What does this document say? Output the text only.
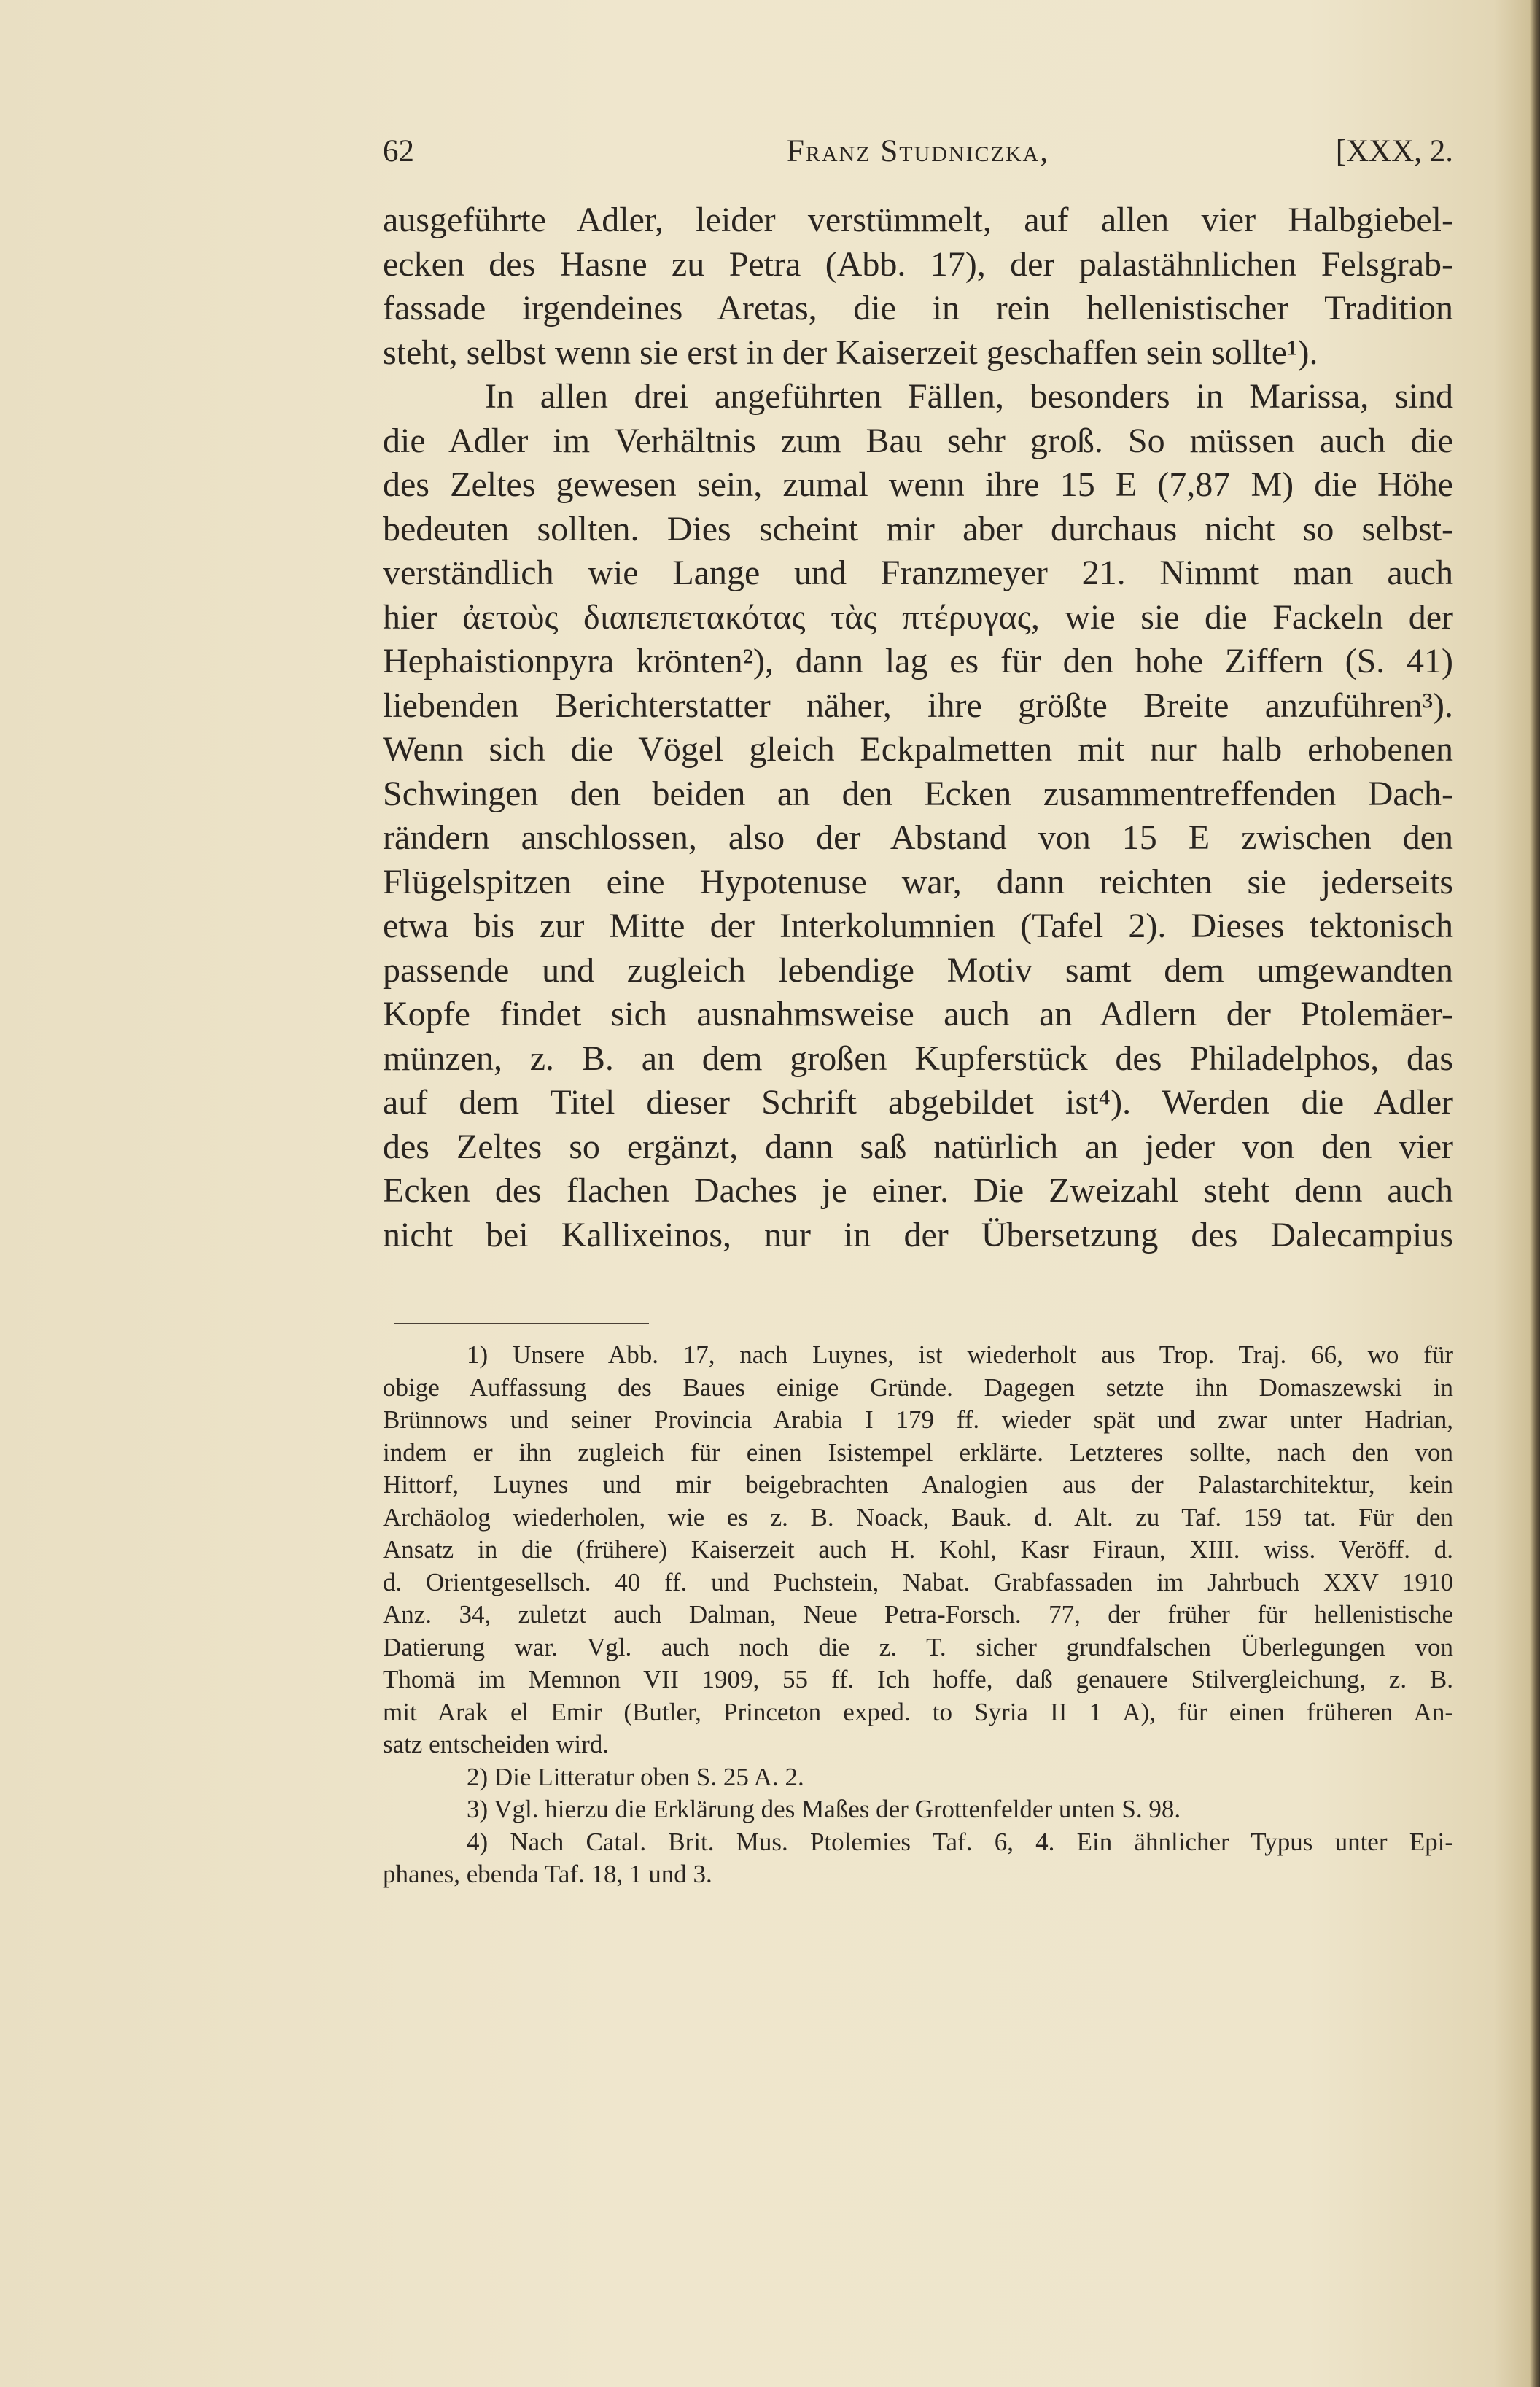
62	Franz Studniczka,	[XXX, 2.
ausgeführte Adler, leider verstümmelt, auf allen vier Halbgiebel-
ecken des Hasne zu Petra (Abb. 17), der palastähnlichen Felsgrab-
fassade irgendeines Aretas, die in rein hellenistischer Tradition
steht, selbst wenn sie erst in der Kaiserzeit geschaffen sein sollte¹).
In allen drei angeführten Fällen, besonders in Marissa, sind
die Adler im Verhältnis zum Bau sehr groß. So müssen auch die
des Zeltes gewesen sein, zumal wenn ihre 15 E (7,87 M) die Höhe
bedeuten sollten. Dies scheint mir aber durchaus nicht so selbst-
verständlich wie Lange und Franzmeyer 21. Nimmt man auch
hier ἀετοὺς διαπεπετακότας τὰς πτέρυγας, wie sie die Fackeln der
Hephaistionpyra krönten²), dann lag es für den hohe Ziffern (S. 41)
liebenden Berichterstatter näher, ihre größte Breite anzuführen³).
Wenn sich die Vögel gleich Eckpalmetten mit nur halb erhobenen
Schwingen den beiden an den Ecken zusammentreffenden Dach-
rändern anschlossen, also der Abstand von 15 E zwischen den
Flügelspitzen eine Hypotenuse war, dann reichten sie jederseits
etwa bis zur Mitte der Interkolumnien (Tafel 2). Dieses tektonisch
passende und zugleich lebendige Motiv samt dem umgewandten
Kopfe findet sich ausnahmsweise auch an Adlern der Ptolemäer-
münzen, z. B. an dem großen Kupferstück des Philadelphos, das
auf dem Titel dieser Schrift abgebildet ist⁴). Werden die Adler
des Zeltes so ergänzt, dann saß natürlich an jeder von den vier
Ecken des flachen Daches je einer. Die Zweizahl steht denn auch
nicht bei Kallixeinos, nur in der Übersetzung des Dalecampius
1) Unsere Abb. 17, nach Luynes, ist wiederholt aus Trop. Traj. 66, wo für
obige Auffassung des Baues einige Gründe. Dagegen setzte ihn Domaszewski in
Brünnows und seiner Provincia Arabia I 179 ff. wieder spät und zwar unter Hadrian,
indem er ihn zugleich für einen Isistempel erklärte. Letzteres sollte, nach den von
Hittorf, Luynes und mir beigebrachten Analogien aus der Palastarchitektur, kein
Archäolog wiederholen, wie es z. B. Noack, Bauk. d. Alt. zu Taf. 159 tat. Für den
Ansatz in die (frühere) Kaiserzeit auch H. Kohl, Kasr Firaun, XIII. wiss. Veröff. d.
d. Orientgesellsch. 40 ff. und Puchstein, Nabat. Grabfassaden im Jahrbuch XXV 1910
Anz. 34, zuletzt auch Dalman, Neue Petra-Forsch. 77, der früher für hellenistische
Datierung war. Vgl. auch noch die z. T. sicher grundfalschen Überlegungen von
Thomä im Memnon VII 1909, 55 ff. Ich hoffe, daß genauere Stilvergleichung, z. B.
mit Arak el Emir (Butler, Princeton exped. to Syria II 1 A), für einen früheren An-
satz entscheiden wird.
2) Die Litteratur oben S. 25 A. 2.
3) Vgl. hierzu die Erklärung des Maßes der Grottenfelder unten S. 98.
4) Nach Catal. Brit. Mus. Ptolemies Taf. 6, 4. Ein ähnlicher Typus unter Epi-
phanes, ebenda Taf. 18, 1 und 3.
